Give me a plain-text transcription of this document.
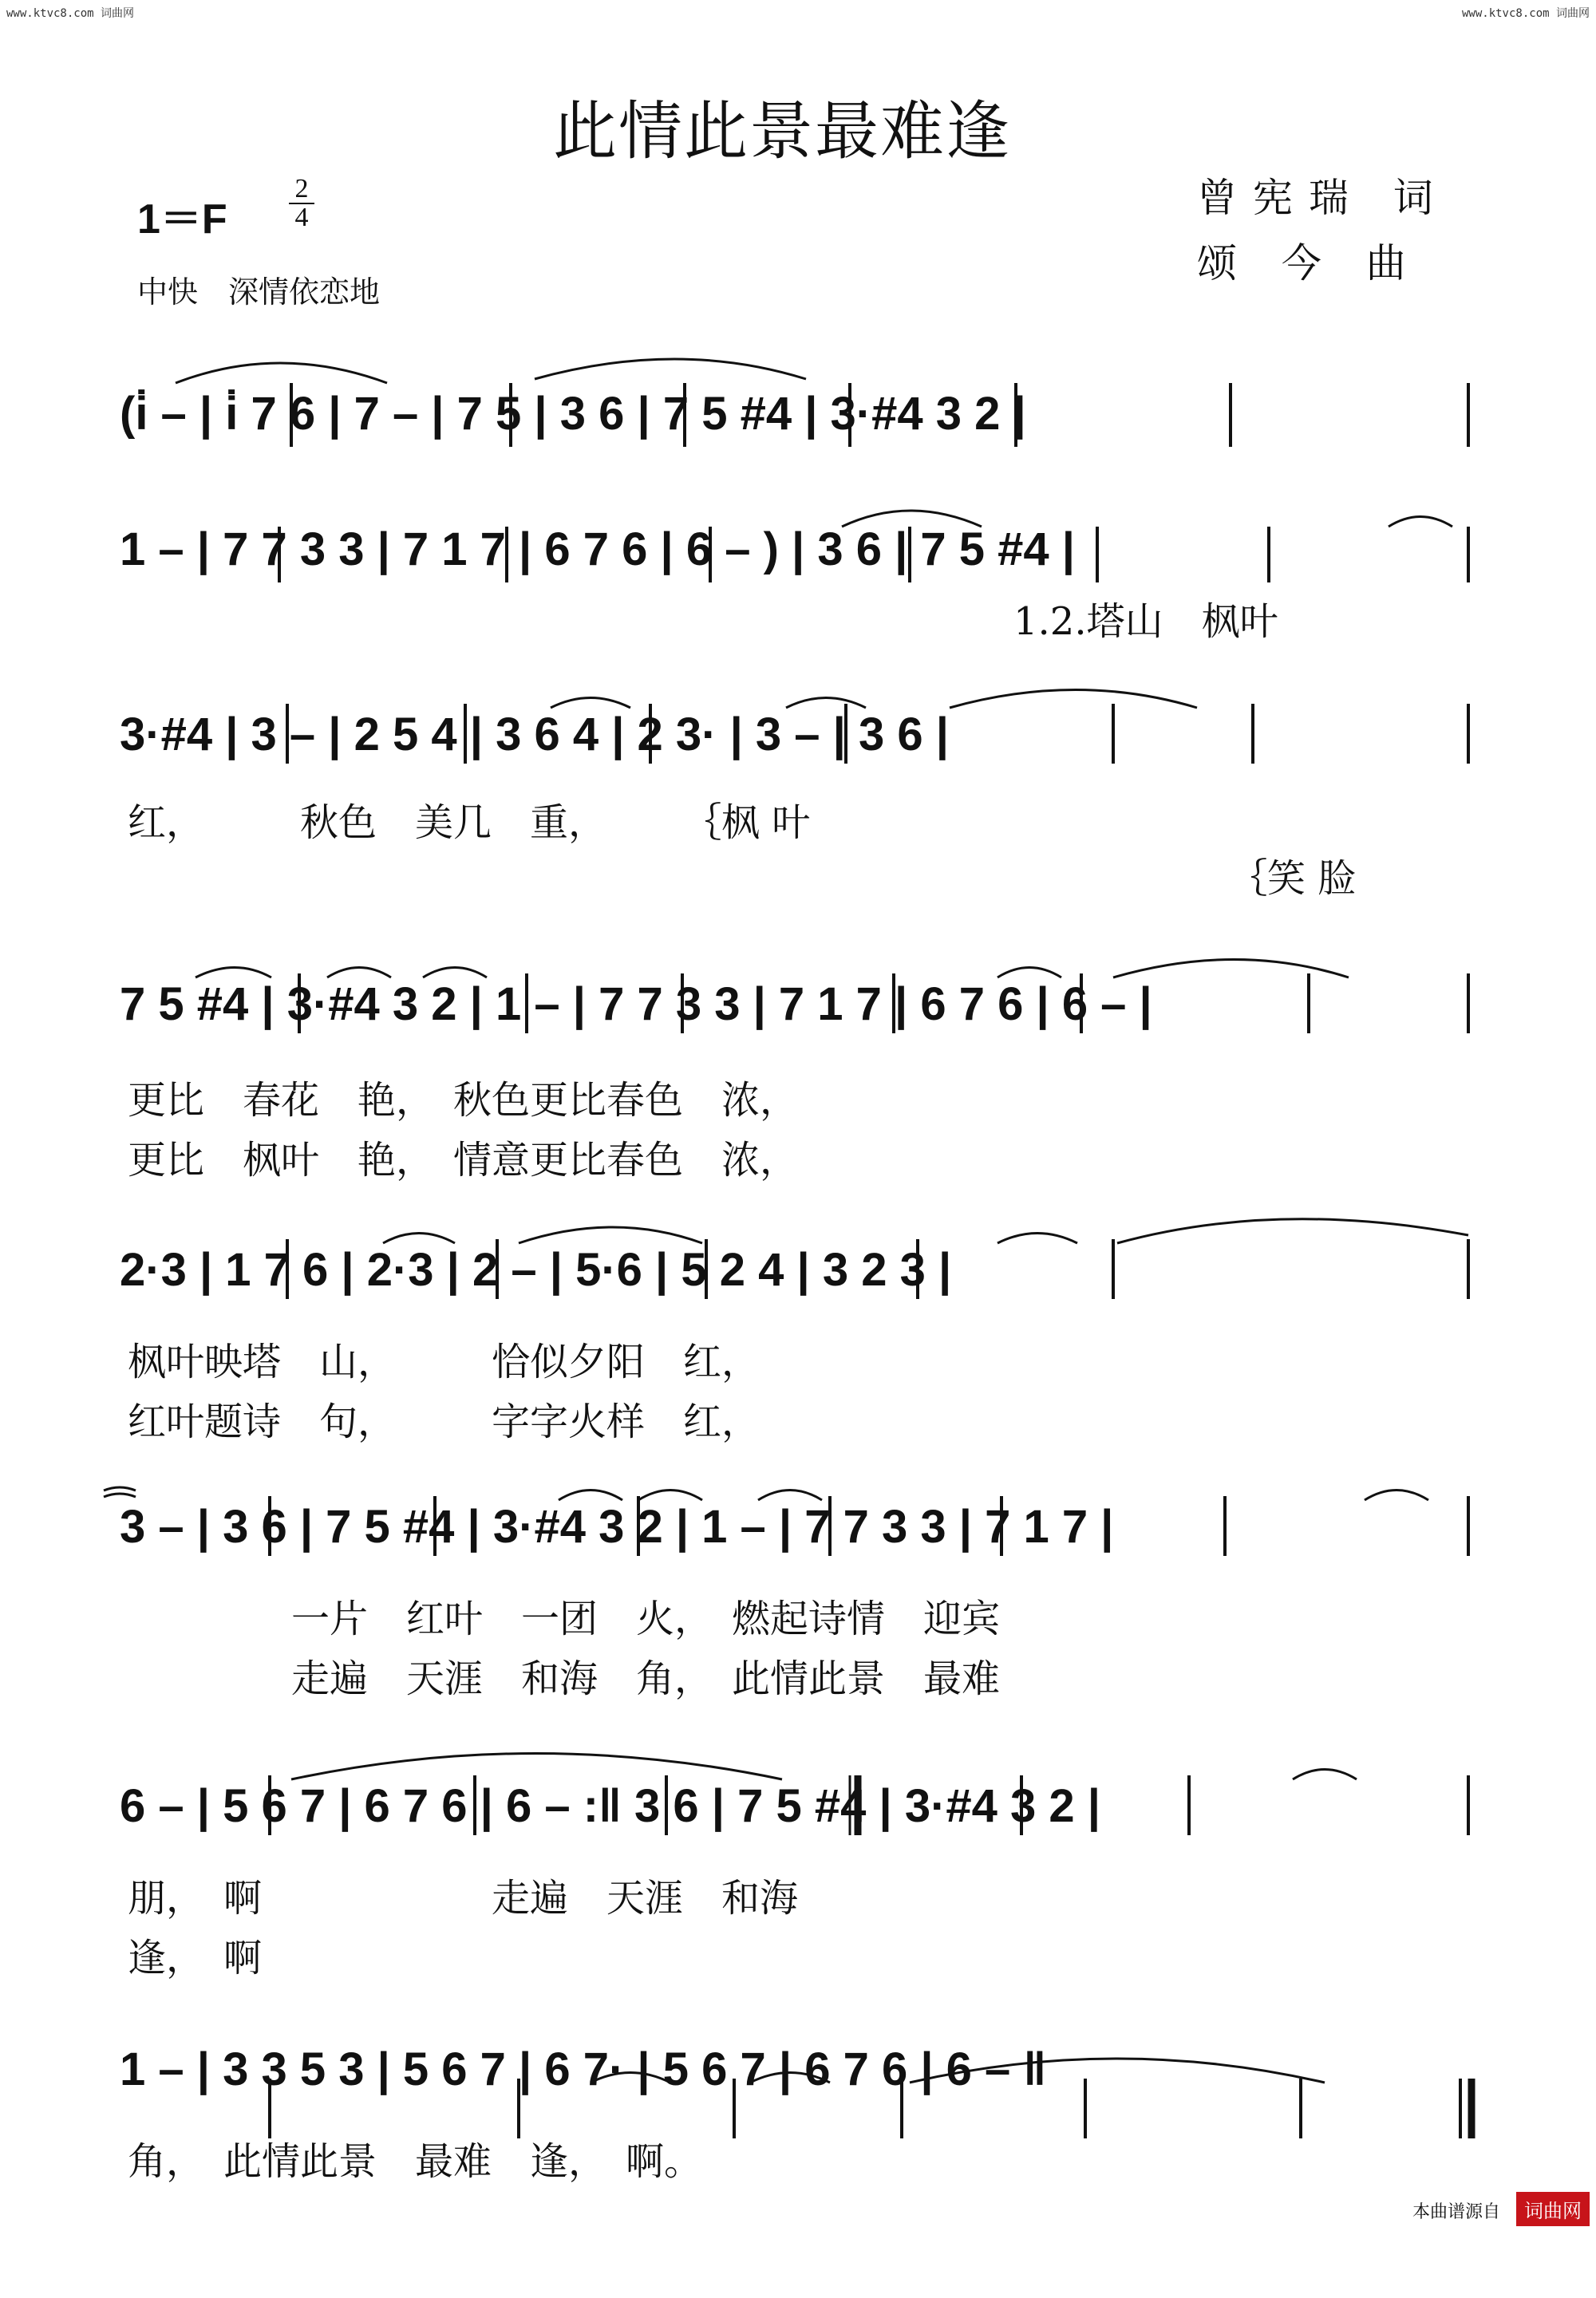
www.ktvc8.com 词曲网	www.ktvc8.com 词曲网
此情此景最难逢
1＝F
2
4
中快　深情依恋地
曾宪瑞 词
颂 今 曲
(i̇ – | i̇ 7 6 | 7 – | 7 5 | 3 6 | 7 5 #4 | 3·#4 3 2 |
1 – | 7 7 3 3 | 7 1 7 | 6 7 6 | 6 – ) | 3 6 | 7 5 #4 |
1.2.塔山　枫叶
3·#4 | 3 – | 2 5 4 | 3 6 4 | 2 3· | 3 – | 3 6 |
红，　　　秋色　美几　重，　　　｛枫 叶
｛笑 脸
7 5 #4 | 3·#4 3 2 | 1 – | 7 7 3 3 | 7 1 7 | 6 7 6 | 6 – |
更比　春花　艳，　秋色更比春色　浓，
更比　枫叶　艳，　情意更比春色　浓，
2·3 | 1 7 6 | 2·3 | 2 – | 5·6 | 5 2 4 | 3 2 3 |
枫叶映塔　山，　　　恰似夕阳　红，
红叶题诗　句，　　　字字火样　红，
3 – | 3 6 | 7 5 #4 | 3·#4 3 2 | 1 – | 7 7 3 3 | 7 1 7 |
一片　红叶　一团　火，　燃起诗情　迎宾
走遍　天涯　和海　角，　此情此景　最难
6 – | 5 6 7 | 6 7 6 | 6 – :‖ 3 6 | 7 5 #4 | 3·#4 3 2 |
朋，　啊　　　　　　走遍　天涯　和海
逢，　啊
1 – | 3 3 5 3 | 5 6 7 | 6 7· | 5 6 7 | 6 7 6 | 6 – ‖
角，　此情此景　最难　逢，　啊。
本曲谱源自	词曲网
